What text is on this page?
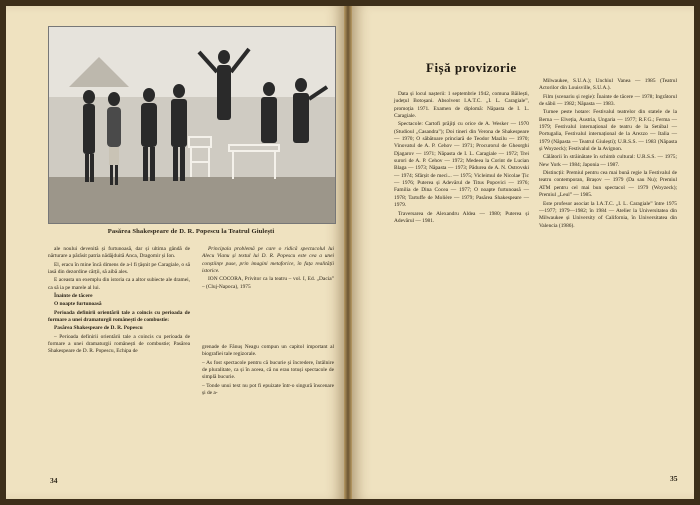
Pasărea Shakespeare de D. R. Popescu la Teatrul Giulești

ale noului devenită și furtunoasă, dar și ultima gândă de nărturare a părăsit patria nădăjduită Anca, Dragomir și Ion.

El, eracu în mine încă dimens de a-l fi țâșnit pe Caragiale, o să iasă din dezordine cărții, să aibă ales.

E aceasta un exemplu din istoria ca a altor subiecte ale dramei, ca să ia pe marele al lui.

Înainte de tăcere

O noapte furtunoasă

Perioada definirii orientării tale a coincis cu perioada de formare a unei dramaturgii românești de combustie:

Pasărea Shakespeare de D. R. Popescu

– Perioada definirii orientării tale a coincis cu perioada de formare a unei dramaturgii românești de combustie; Pasărea Shakespeare de D. R. Popescu, Echipa de

Principala problemă pe care o ridică spectacolul lui Alecu Vianu și textul lui D. R. Popescu este cea a unei conștiințe puse, prin imagini metaforice, în fața realității istorice.

ION COCORA, Privitor ca la teatru – vol. I, Ed. „Dacia” – (Cluj-Napoca), 1975

grenade de Fănuș Neagu compun un capitol important al biografiei tale regizorale.

– As fost spectacole pentru că bucurie și încredere, întâlnire de pluralitate, ca și în aceea, că nu erau totuși spectacole de simplă bucurie.

– Tonde unui text nu pot fi epuizate într-o singură înscenare și de a-

34
Fișă provizorie

Data și locul nașterii: 1 septembrie 1942, comuna Băilești, județul Botoșani. Absolvent I.A.T.C. „I. L. Caragiale”, promoția 1971. Examen de diplomă: Năpasta de I. L. Caragiale.

Spectacole: Cartofi prăjiți cu orice de A. Wesker — 1970 (Studioul „Casandra”); Doi tineri din Verona de Shakespeare — 1970; O săbătoare princiară de Teodor Mazilu — 1970; Vinovatul de A. P. Cehov — 1971; Procurorul de Gheorghi Djagarov — 1971; Năpasta de I. L. Caragiale — 1972; Trei surori de A. P. Cehov — 1972; Medeea la Corint de Lucian Blaga — 1973; Năpasta — 1973; Pădurea de A. N. Ostrovski — 1974; Sfârșit de meci... — 1975; Vicleimul de Nicolae Țic — 1976; Puterea și Adevărul de Titus Popovici — 1976; Familia de Dina Cocea — 1977; O noapte furtunoasă — 1978; Tartuffe de Molière — 1979; Pasărea Shakespeare — 1979.

Traversarea de Alexandru Aldea — 1980; Puterea și Adevărul — 1981.

Milwaukee, S.U.A.); Unchiul Vanea — 1985 (Teatrul Actorilor din Louisville, S.U.A.).

Film (scenariu și regie): Înainte de tăcere — 1978; Ingrătorul de săbii — 1982; Năpasta — 1983.

Turnee peste hotare: Festivalul teatrelor din statele de la Berna — Elveția, Austria, Ungaria — 1977; R.F.G.; Ferma — 1979; Festivalul internațional de teatru de la Setúbal — Portugalia, Festivalul internațional de la Arezzo — Italia — 1979 (Năpasta — Teatrul Giulești); U.R.S.S. — 1983 (Năpasta și Woyzeck); Festivalul de la Avignon.

Călătorii în străinătate în schimb cultural: U.R.S.S. — 1975; New York — 1984; Japonia — 1987.

Distincții: Premiul pentru cea mai bună regie la Festivalul de teatru contemporan, Brașov — 1979 (Da sau Nu); Premiul ATM pentru cel mai bun spectacol — 1979 (Woyzeck); Premiul „Leul” — 1985.

Este profesor asociat la I.A.T.C. „I. L. Caragiale” între 1975—1977; 1979—1982; în 1984 — Atelier la Universitatea din Milwaukee și University of California, în Universitatea din Valencia (1986).

35
